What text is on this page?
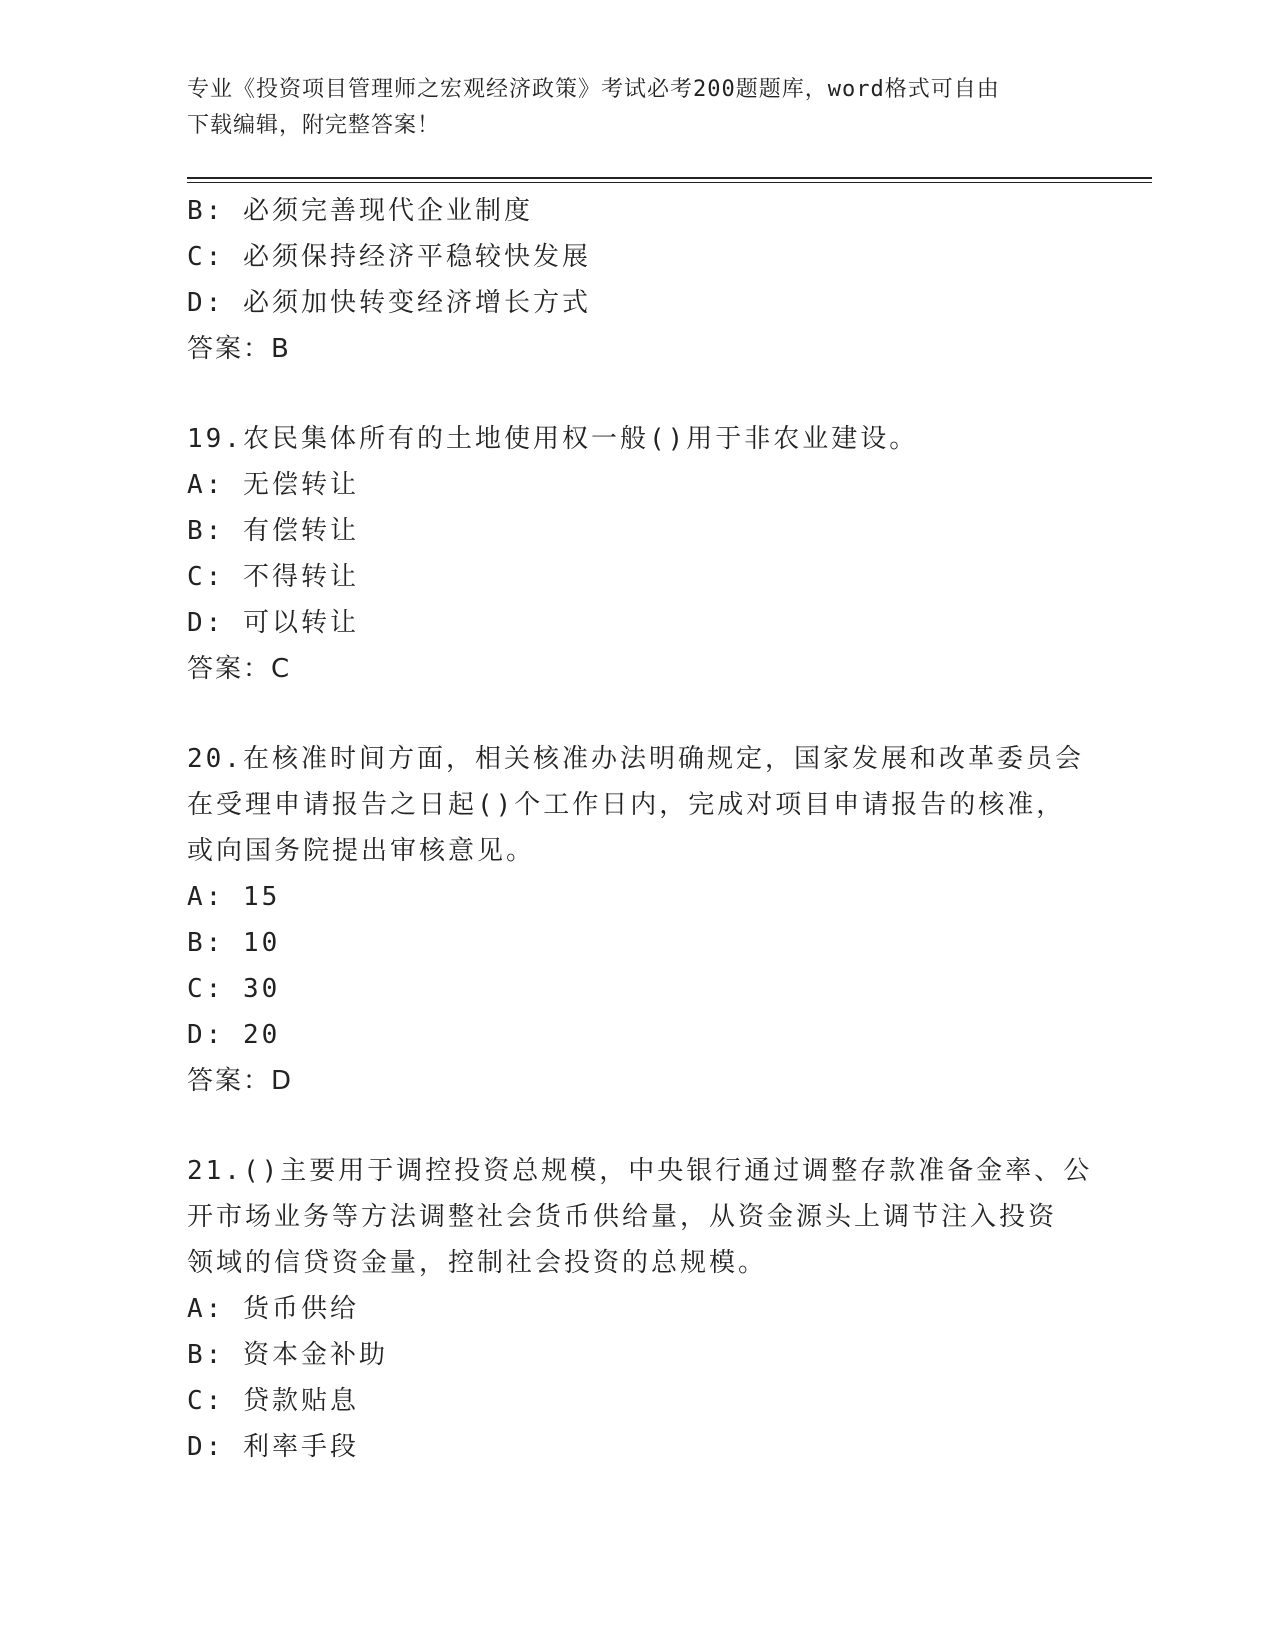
专业《投资项目管理师之宏观经济政策》考试必考200题题库，word格式可自由
下载编辑，附完整答案！
B: 必须完善现代企业制度
C: 必须保持经济平稳较快发展
D: 必须加快转变经济增长方式
答案：B
19.农民集体所有的土地使用权一般()用于非农业建设。
A: 无偿转让
B: 有偿转让
C: 不得转让
D: 可以转让
答案：C
20.在核准时间方面，相关核准办法明确规定，国家发展和改革委员会
在受理申请报告之日起()个工作日内，完成对项目申请报告的核准，
或向国务院提出审核意见。
A: 15
B: 10
C: 30
D: 20
答案：D
21.()主要用于调控投资总规模，中央银行通过调整存款准备金率、公
开市场业务等方法调整社会货币供给量，从资金源头上调节注入投资
领域的信贷资金量，控制社会投资的总规模。
A: 货币供给
B: 资本金补助
C: 贷款贴息
D: 利率手段
